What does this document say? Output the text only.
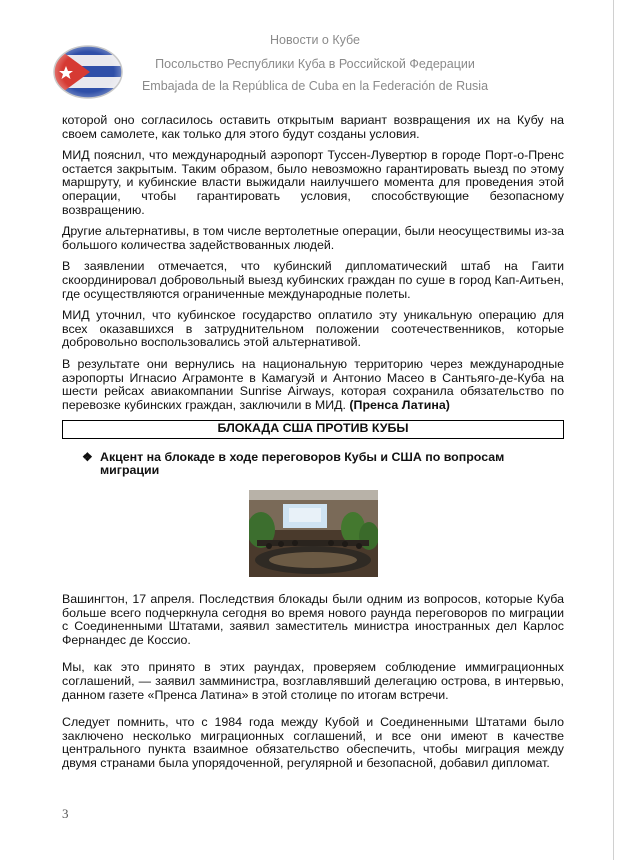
Новости о Кубе
Посольство Республики Куба в Российской Федерации
Embajada de la República de Cuba en la Federación de Rusia

которой оно согласилось оставить открытым вариант возвращения их на Кубу на своем самолете, как только для этого будут созданы условия.

МИД пояснил, что международный аэропорт Туссен-Лувертюр в городе Порт-о-Пренс остается закрытым. Таким образом, было невозможно гарантировать выезд по этому маршруту, и кубинские власти выжидали наилучшего момента для проведения этой операции, чтобы гарантировать условия, способствующие безопасному возвращению.

Другие альтернативы, в том числе вертолетные операции, были неосуществимы из-за большого количества задействованных людей.

В заявлении отмечается, что кубинский дипломатический штаб на Гаити скоординировал добровольный выезд кубинских граждан по суше в город Кап-Аитьен, где осуществляются ограниченные международные полеты.

МИД уточнил, что кубинское государство оплатило эту уникальную операцию для всех оказавшихся в затруднительном положении соотечественников, которые добровольно воспользовались этой альтернативой.

В результате они вернулись на национальную территорию через международные аэропорты Игнасио Аграмонте в Камагуэй и Антонио Масео в Сантьяго-де-Куба на шести рейсах авиакомпании Sunrise Airways, которая сохранила обязательство по перевозке кубинских граждан, заключили в МИД. (Пренса Латина)

БЛОКАДА США ПРОТИВ КУБЫ
❖ Акцент на блокаде в ходе переговоров Кубы и США по вопросам миграции

Вашингтон, 17 апреля. Последствия блокады были одним из вопросов, которые Куба больше всего подчеркнула сегодня во время нового раунда переговоров по миграции с Соединенными Штатами, заявил заместитель министра иностранных дел Карлос Фернандес де Коссио.

Мы, как это принято в этих раундах, проверяем соблюдение иммиграционных соглашений, — заявил замминистра, возглавлявший делегацию острова, в интервью, данном газете «Пренса Латина» в этой столице по итогам встречи.

Следует помнить, что с 1984 года между Кубой и Соединенными Штатами было заключено несколько миграционных соглашений, и все они имеют в качестве центрального пункта взаимное обязательство обеспечить, чтобы миграция между двумя странами была упорядоченной, регулярной и безопасной, добавил дипломат.

3
